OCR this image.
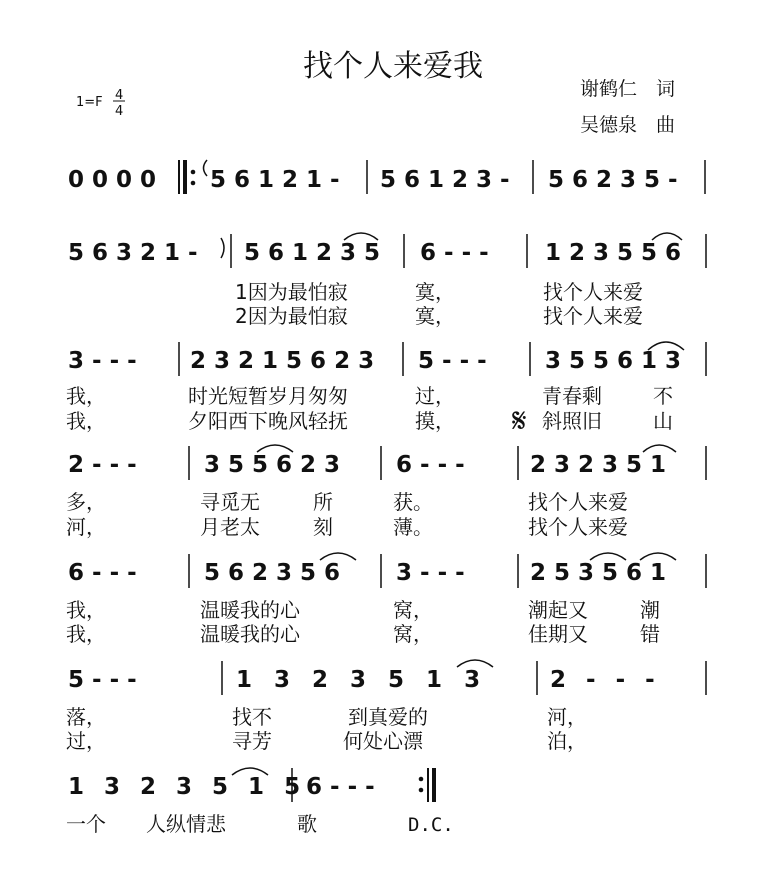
找个人来爱我
1=F 4
4
谢鹤仁　词
吴德泉　曲
0 0 0 0 5 6 1 2 1 - 5 6 1 2 3 - 5 6 2 3 5 -
5 6 3 2 1 - 5 6 1 2 3 5 6 - - - 1 2 3 5 5 6
1因为最怕寂	寞，	找个人来爱
2因为最怕寂	寞，	找个人来爱
3 - - - 2 3 2 1 5 6 2 3 5 - - -	3 5 5 6 1 3
我，	时光短暂岁月匆匆	过，	青春剩	不
我，	夕阳西下晚风轻抚	摸， 𝄋 斜照旧	山
2 - - -	3 5 5 6 2 3 6 - - -	2 3 2 3 5 1
多，	寻觅无	所	获。	找个人来爱
河，	月老太	刻	薄。	找个人来爱
6 - - -	5 6 2 3 5 6 3 - - -	2 5 3 5 6 1
我，	温暖我的心	窝，	潮起又	潮
我，	温暖我的心	窝，	佳期又	错
5 - - -	1 3 2 3 5 1 3	2 - - -
落，	找不	到真爱的	河，
过，	寻芳	何处心漂	泊，
1 3 2 3 5 1 5 6 - - -
一个 人纵情悲	歌	D.C.
